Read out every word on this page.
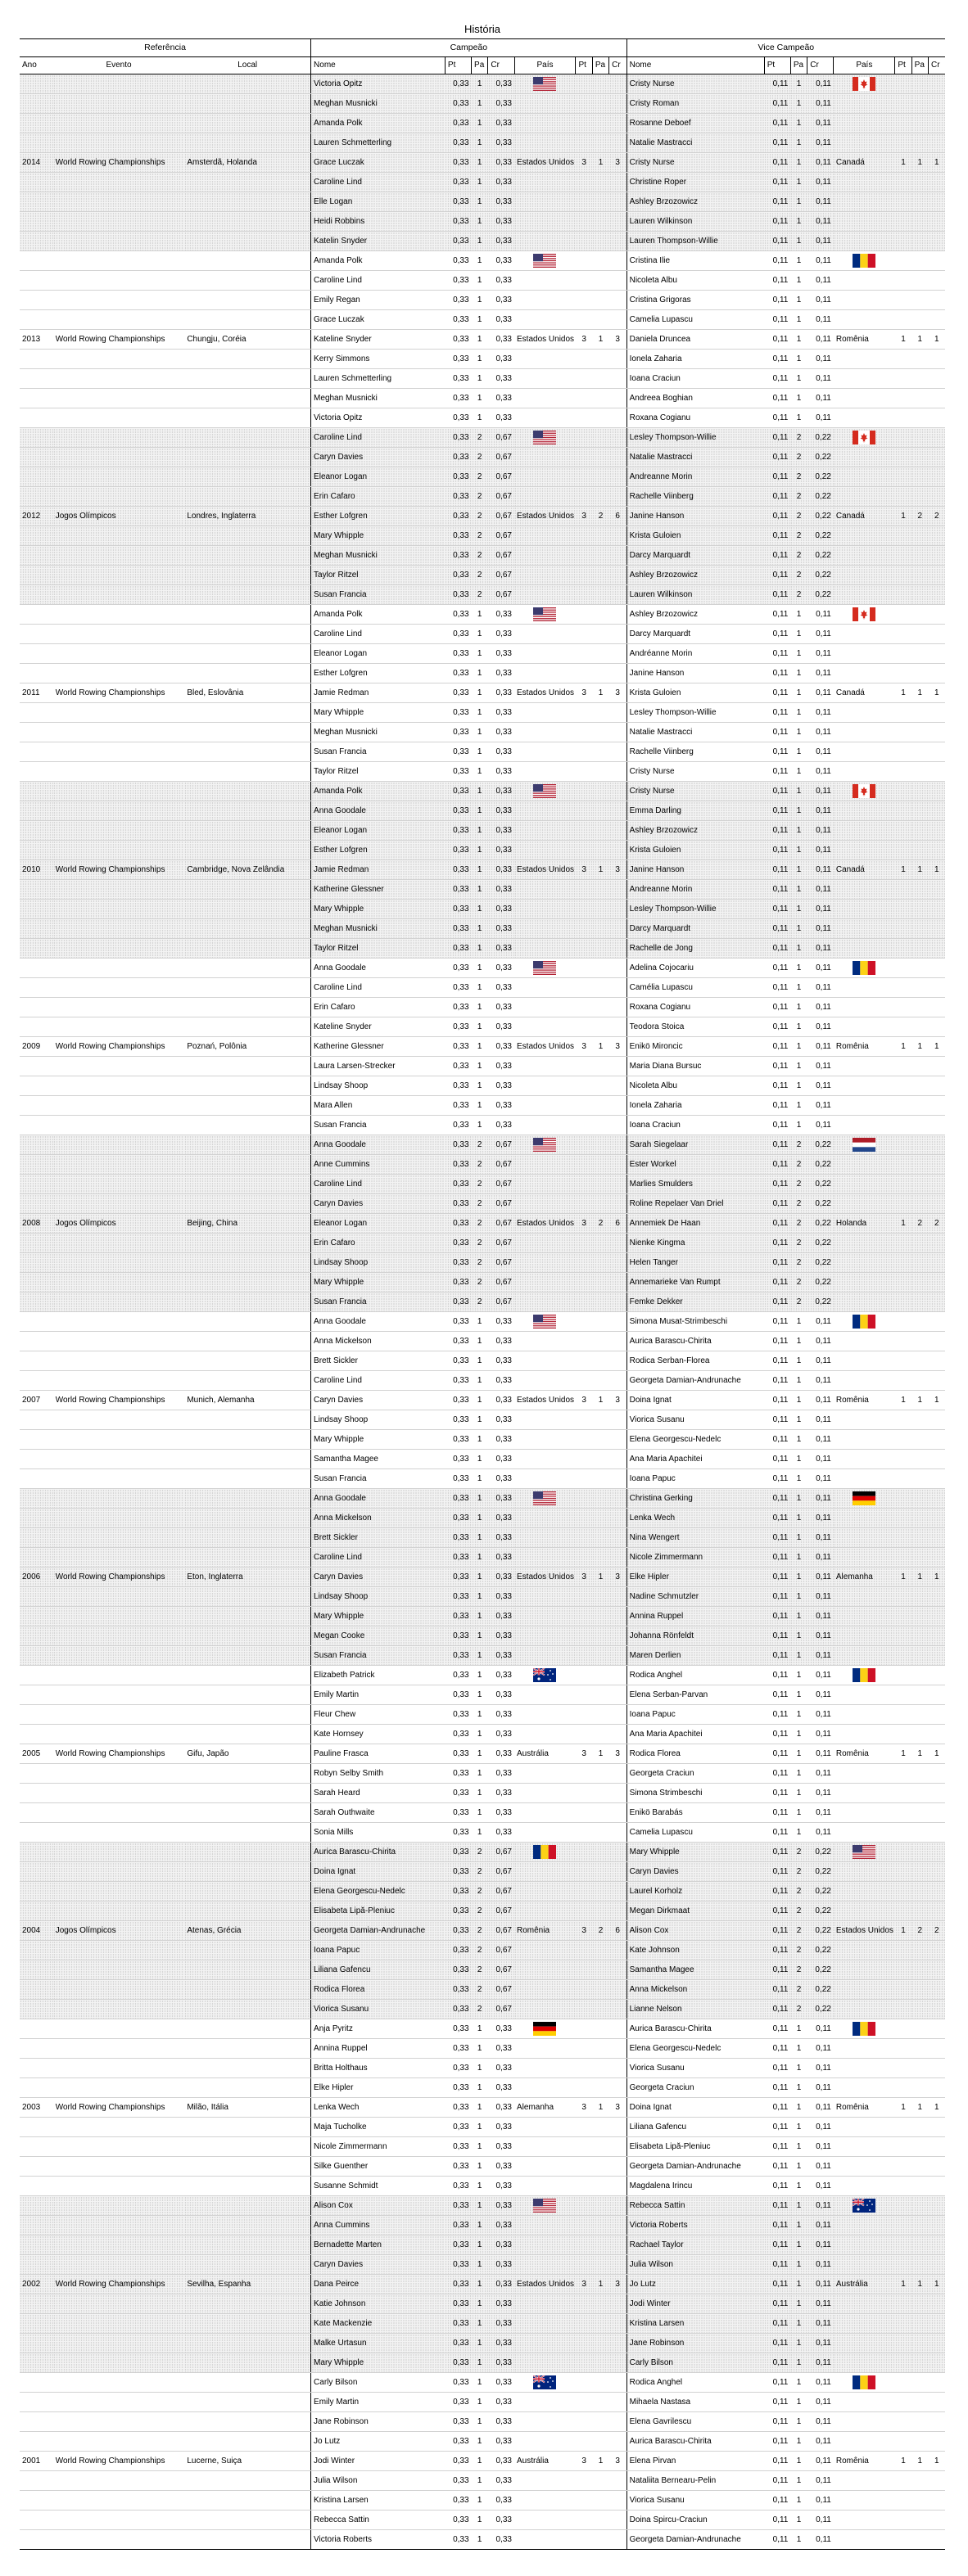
História
Referência			Campeão								Vice Campeão							
Ano	Evento	Local	Nome	Pt	Pa	Cr	País	Pt	Pa	Cr	Nome	Pt	Pa	Cr	País	Pt	Pa	Cr
			Victoria Opitz	0,33	1	0,33					Cristy Nurse	0,11	1	0,11	

			Meghan Musnicki	0,33	1	0,33					Cristy Roman	0,11	1	0,11				
			Amanda Polk	0,33	1	0,33					Rosanne Deboef	0,11	1	0,11				
			Lauren Schmetterling	0,33	1	0,33					Natalie Mastracci	0,11	1	0,11				
2014	World Rowing Championships	Amsterdã, Holanda	Grace Luczak	0,33	1	0,33	Estados Unidos	3	1	3	Cristy Nurse	0,11	1	0,11	Canadá	1	1	1
			Caroline Lind	0,33	1	0,33					Christine Roper	0,11	1	0,11				
			Elle Logan	0,33	1	0,33					Ashley Brzozowicz	0,11	1	0,11				
			Heidi Robbins	0,33	1	0,33					Lauren Wilkinson	0,11	1	0,11				
			Katelin Snyder	0,33	1	0,33					Lauren Thompson-Willie	0,11	1	0,11				
			Amanda Polk	0,33	1	0,33					Cristina Ilie	0,11	1	0,11	

			Caroline Lind	0,33	1	0,33					Nicoleta Albu	0,11	1	0,11				
			Emily Regan	0,33	1	0,33					Cristina Grigoras	0,11	1	0,11				
			Grace Luczak	0,33	1	0,33					Camelia Lupascu	0,11	1	0,11				
2013	World Rowing Championships	Chungju, Coréia	Kateline Snyder	0,33	1	0,33	Estados Unidos	3	1	3	Daniela Druncea	0,11	1	0,11	Romênia	1	1	1
			Kerry Simmons	0,33	1	0,33					Ionela Zaharia	0,11	1	0,11				
			Lauren Schmetterling	0,33	1	0,33					Ioana Craciun	0,11	1	0,11				
			Meghan Musnicki	0,33	1	0,33					Andreea Boghian	0,11	1	0,11				
			Victoria Opitz	0,33	1	0,33					Roxana Cogianu	0,11	1	0,11				
			Caroline Lind	0,33	2	0,67					Lesley Thompson-Willie	0,11	2	0,22	

			Caryn Davies	0,33	2	0,67					Natalie Mastracci	0,11	2	0,22				
			Eleanor Logan	0,33	2	0,67					Andreanne Morin	0,11	2	0,22				
			Erin Cafaro	0,33	2	0,67					Rachelle Viinberg	0,11	2	0,22				
2012	Jogos Olímpicos	Londres, Inglaterra	Esther Lofgren	0,33	2	0,67	Estados Unidos	3	2	6	Janine Hanson	0,11	2	0,22	Canadá	1	2	2
			Mary Whipple	0,33	2	0,67					Krista Guloien	0,11	2	0,22				
			Meghan Musnicki	0,33	2	0,67					Darcy Marquardt	0,11	2	0,22				
			Taylor Ritzel	0,33	2	0,67					Ashley Brzozowicz	0,11	2	0,22				
			Susan Francia	0,33	2	0,67					Lauren Wilkinson	0,11	2	0,22				
			Amanda Polk	0,33	1	0,33					Ashley Brzozowicz	0,11	1	0,11	

			Caroline Lind	0,33	1	0,33					Darcy Marquardt	0,11	1	0,11				
			Eleanor Logan	0,33	1	0,33					Andréanne Morin	0,11	1	0,11				
			Esther Lofgren	0,33	1	0,33					Janine Hanson	0,11	1	0,11				
2011	World Rowing Championships	Bled, Eslovânia	Jamie Redman	0,33	1	0,33	Estados Unidos	3	1	3	Krista Guloien	0,11	1	0,11	Canadá	1	1	1
			Mary Whipple	0,33	1	0,33					Lesley Thompson-Willie	0,11	1	0,11				
			Meghan Musnicki	0,33	1	0,33					Natalie Mastracci	0,11	1	0,11				
			Susan Francia	0,33	1	0,33					Rachelle Viinberg	0,11	1	0,11				
			Taylor Ritzel	0,33	1	0,33					Cristy Nurse	0,11	1	0,11				
			Amanda Polk	0,33	1	0,33					Cristy Nurse	0,11	1	0,11	

			Anna Goodale	0,33	1	0,33					Emma Darling	0,11	1	0,11				
			Eleanor Logan	0,33	1	0,33					Ashley Brzozowicz	0,11	1	0,11				
			Esther Lofgren	0,33	1	0,33					Krista Guloien	0,11	1	0,11				
2010	World Rowing Championships	Cambridge, Nova Zelândia	Jamie Redman	0,33	1	0,33	Estados Unidos	3	1	3	Janine Hanson	0,11	1	0,11	Canadá	1	1	1
			Katherine Glessner	0,33	1	0,33					Andreanne Morin	0,11	1	0,11				
			Mary Whipple	0,33	1	0,33					Lesley Thompson-Willie	0,11	1	0,11				
			Meghan Musnicki	0,33	1	0,33					Darcy Marquardt	0,11	1	0,11				
			Taylor Ritzel	0,33	1	0,33					Rachelle de Jong	0,11	1	0,11				
			Anna Goodale	0,33	1	0,33					Adelina Cojocariu	0,11	1	0,11	

			Caroline Lind	0,33	1	0,33					Camélia Lupascu	0,11	1	0,11				
			Erin Cafaro	0,33	1	0,33					Roxana Cogianu	0,11	1	0,11				
			Kateline Snyder	0,33	1	0,33					Teodora Stoica	0,11	1	0,11				
2009	World Rowing Championships	Poznań, Polônia	Katherine Glessner	0,33	1	0,33	Estados Unidos	3	1	3	Enikö Mironcic	0,11	1	0,11	Romênia	1	1	1
			Laura Larsen-Strecker	0,33	1	0,33					Maria Diana Bursuc	0,11	1	0,11				
			Lindsay Shoop	0,33	1	0,33					Nicoleta Albu	0,11	1	0,11				
			Mara Allen	0,33	1	0,33					Ionela Zaharia	0,11	1	0,11				
			Susan Francia	0,33	1	0,33					Ioana Craciun	0,11	1	0,11				
			Anna Goodale	0,33	2	0,67					Sarah Siegelaar	0,11	2	0,22	

			Anne Cummins	0,33	2	0,67					Ester Workel	0,11	2	0,22				
			Caroline Lind	0,33	2	0,67					Marlies Smulders	0,11	2	0,22				
			Caryn Davies	0,33	2	0,67					Roline Repelaer Van Driel	0,11	2	0,22				
2008	Jogos Olímpicos	Beijing, China	Eleanor Logan	0,33	2	0,67	Estados Unidos	3	2	6	Annemiek De Haan	0,11	2	0,22	Holanda	1	2	2
			Erin Cafaro	0,33	2	0,67					Nienke Kingma	0,11	2	0,22				
			Lindsay Shoop	0,33	2	0,67					Helen Tanger	0,11	2	0,22				
			Mary Whipple	0,33	2	0,67					Annemarieke Van Rumpt	0,11	2	0,22				
			Susan Francia	0,33	2	0,67					Femke Dekker	0,11	2	0,22				
			Anna Goodale	0,33	1	0,33					Simona Musat-Strimbeschi	0,11	1	0,11	

			Anna Mickelson	0,33	1	0,33					Aurica Barascu-Chirita	0,11	1	0,11				
			Brett Sickler	0,33	1	0,33					Rodica Serban-Florea	0,11	1	0,11				
			Caroline Lind	0,33	1	0,33					Georgeta Damian-Andrunache	0,11	1	0,11				
2007	World Rowing Championships	Munich, Alemanha	Caryn Davies	0,33	1	0,33	Estados Unidos	3	1	3	Doina Ignat	0,11	1	0,11	Romênia	1	1	1
			Lindsay Shoop	0,33	1	0,33					Viorica Susanu	0,11	1	0,11				
			Mary Whipple	0,33	1	0,33					Elena Georgescu-Nedelc	0,11	1	0,11				
			Samantha Magee	0,33	1	0,33					Ana Maria Apachitei	0,11	1	0,11				
			Susan Francia	0,33	1	0,33					Ioana Papuc	0,11	1	0,11				
			Anna Goodale	0,33	1	0,33					Christina Gerking	0,11	1	0,11	

			Anna Mickelson	0,33	1	0,33					Lenka Wech	0,11	1	0,11				
			Brett Sickler	0,33	1	0,33					Nina Wengert	0,11	1	0,11				
			Caroline Lind	0,33	1	0,33					Nicole Zimmermann	0,11	1	0,11				
2006	World Rowing Championships	Eton, Inglaterra	Caryn Davies	0,33	1	0,33	Estados Unidos	3	1	3	Elke Hipler	0,11	1	0,11	Alemanha	1	1	1
			Lindsay Shoop	0,33	1	0,33					Nadine Schmutzler	0,11	1	0,11				
			Mary Whipple	0,33	1	0,33					Annina Ruppel	0,11	1	0,11				
			Megan Cooke	0,33	1	0,33					Johanna Rönfeldt	0,11	1	0,11				
			Susan Francia	0,33	1	0,33					Maren Derlien	0,11	1	0,11				
			Elizabeth Patrick	0,33	1	0,33					Rodica Anghel	0,11	1	0,11	

			Emily Martin	0,33	1	0,33					Elena Serban-Parvan	0,11	1	0,11				
			Fleur Chew	0,33	1	0,33					Ioana Papuc	0,11	1	0,11				
			Kate Hornsey	0,33	1	0,33					Ana Maria Apachitei	0,11	1	0,11				
2005	World Rowing Championships	Gifu, Japão	Pauline Frasca	0,33	1	0,33	Austrália	3	1	3	Rodica Florea	0,11	1	0,11	Romênia	1	1	1
			Robyn Selby Smith	0,33	1	0,33					Georgeta Craciun	0,11	1	0,11				
			Sarah Heard	0,33	1	0,33					Simona Strimbeschi	0,11	1	0,11				
			Sarah Outhwaite	0,33	1	0,33					Enikö Barabás	0,11	1	0,11				
			Sonia Mills	0,33	1	0,33					Camelia Lupascu	0,11	1	0,11				
			Aurica Barascu-Chirita	0,33	2	0,67					Mary Whipple	0,11	2	0,22	

			Doina Ignat	0,33	2	0,67					Caryn Davies	0,11	2	0,22				
			Elena Georgescu-Nedelc	0,33	2	0,67					Laurel Korholz	0,11	2	0,22				
			Elisabeta Lipă-Pleniuc	0,33	2	0,67					Megan Dirkmaat	0,11	2	0,22				
2004	Jogos Olímpicos	Atenas, Grécia	Georgeta Damian-Andrunache	0,33	2	0,67	Romênia	3	2	6	Alison Cox	0,11	2	0,22	Estados Unidos	1	2	2
			Ioana Papuc	0,33	2	0,67					Kate Johnson	0,11	2	0,22				
			Liliana Gafencu	0,33	2	0,67					Samantha Magee	0,11	2	0,22				
			Rodica Florea	0,33	2	0,67					Anna Mickelson	0,11	2	0,22				
			Viorica Susanu	0,33	2	0,67					Lianne Nelson	0,11	2	0,22				
			Anja Pyritz	0,33	1	0,33					Aurica Barascu-Chirita	0,11	1	0,11	

			Annina Ruppel	0,33	1	0,33					Elena Georgescu-Nedelc	0,11	1	0,11				
			Britta Holthaus	0,33	1	0,33					Viorica Susanu	0,11	1	0,11				
			Elke Hipler	0,33	1	0,33					Georgeta Craciun	0,11	1	0,11				
2003	World Rowing Championships	Milão, Itália	Lenka Wech	0,33	1	0,33	Alemanha	3	1	3	Doina Ignat	0,11	1	0,11	Romênia	1	1	1
			Maja Tucholke	0,33	1	0,33					Liliana Gafencu	0,11	1	0,11				
			Nicole Zimmermann	0,33	1	0,33					Elisabeta Lipă-Pleniuc	0,11	1	0,11				
			Silke Guenther	0,33	1	0,33					Georgeta Damian-Andrunache	0,11	1	0,11				
			Susanne Schmidt	0,33	1	0,33					Magdalena Irincu	0,11	1	0,11				
			Alison Cox	0,33	1	0,33					Rebecca Sattin	0,11	1	0,11	

			Anna Cummins	0,33	1	0,33					Victoria Roberts	0,11	1	0,11				
			Bernadette Marten	0,33	1	0,33					Rachael Taylor	0,11	1	0,11				
			Caryn Davies	0,33	1	0,33					Julia Wilson	0,11	1	0,11				
2002	World Rowing Championships	Sevilha, Espanha	Dana Peirce	0,33	1	0,33	Estados Unidos	3	1	3	Jo Lutz	0,11	1	0,11	Austrália	1	1	1
			Katie Johnson	0,33	1	0,33					Jodi Winter	0,11	1	0,11				
			Kate Mackenzie	0,33	1	0,33					Kristina Larsen	0,11	1	0,11				
			Malke Urtasun	0,33	1	0,33					Jane Robinson	0,11	1	0,11				
			Mary Whipple	0,33	1	0,33					Carly Bilson	0,11	1	0,11				
			Carly Bilson	0,33	1	0,33					Rodica Anghel	0,11	1	0,11	

			Emily Martin	0,33	1	0,33					Mihaela Nastasa	0,11	1	0,11				
			Jane Robinson	0,33	1	0,33					Elena Gavrilescu	0,11	1	0,11				
			Jo Lutz	0,33	1	0,33					Aurica Barascu-Chirita	0,11	1	0,11				
2001	World Rowing Championships	Lucerne, Suiça	Jodi Winter	0,33	1	0,33	Austrália	3	1	3	Elena Pirvan	0,11	1	0,11	Romênia	1	1	1
			Julia Wilson	0,33	1	0,33					Nataliita Bernearu-Pelin	0,11	1	0,11				
			Kristina Larsen	0,33	1	0,33					Viorica Susanu	0,11	1	0,11				
			Rebecca Sattin	0,33	1	0,33					Doina Spircu-Craciun	0,11	1	0,11				
			Victoria Roberts	0,33	1	0,33					Georgeta Damian-Andrunache	0,11	1	0,11				
